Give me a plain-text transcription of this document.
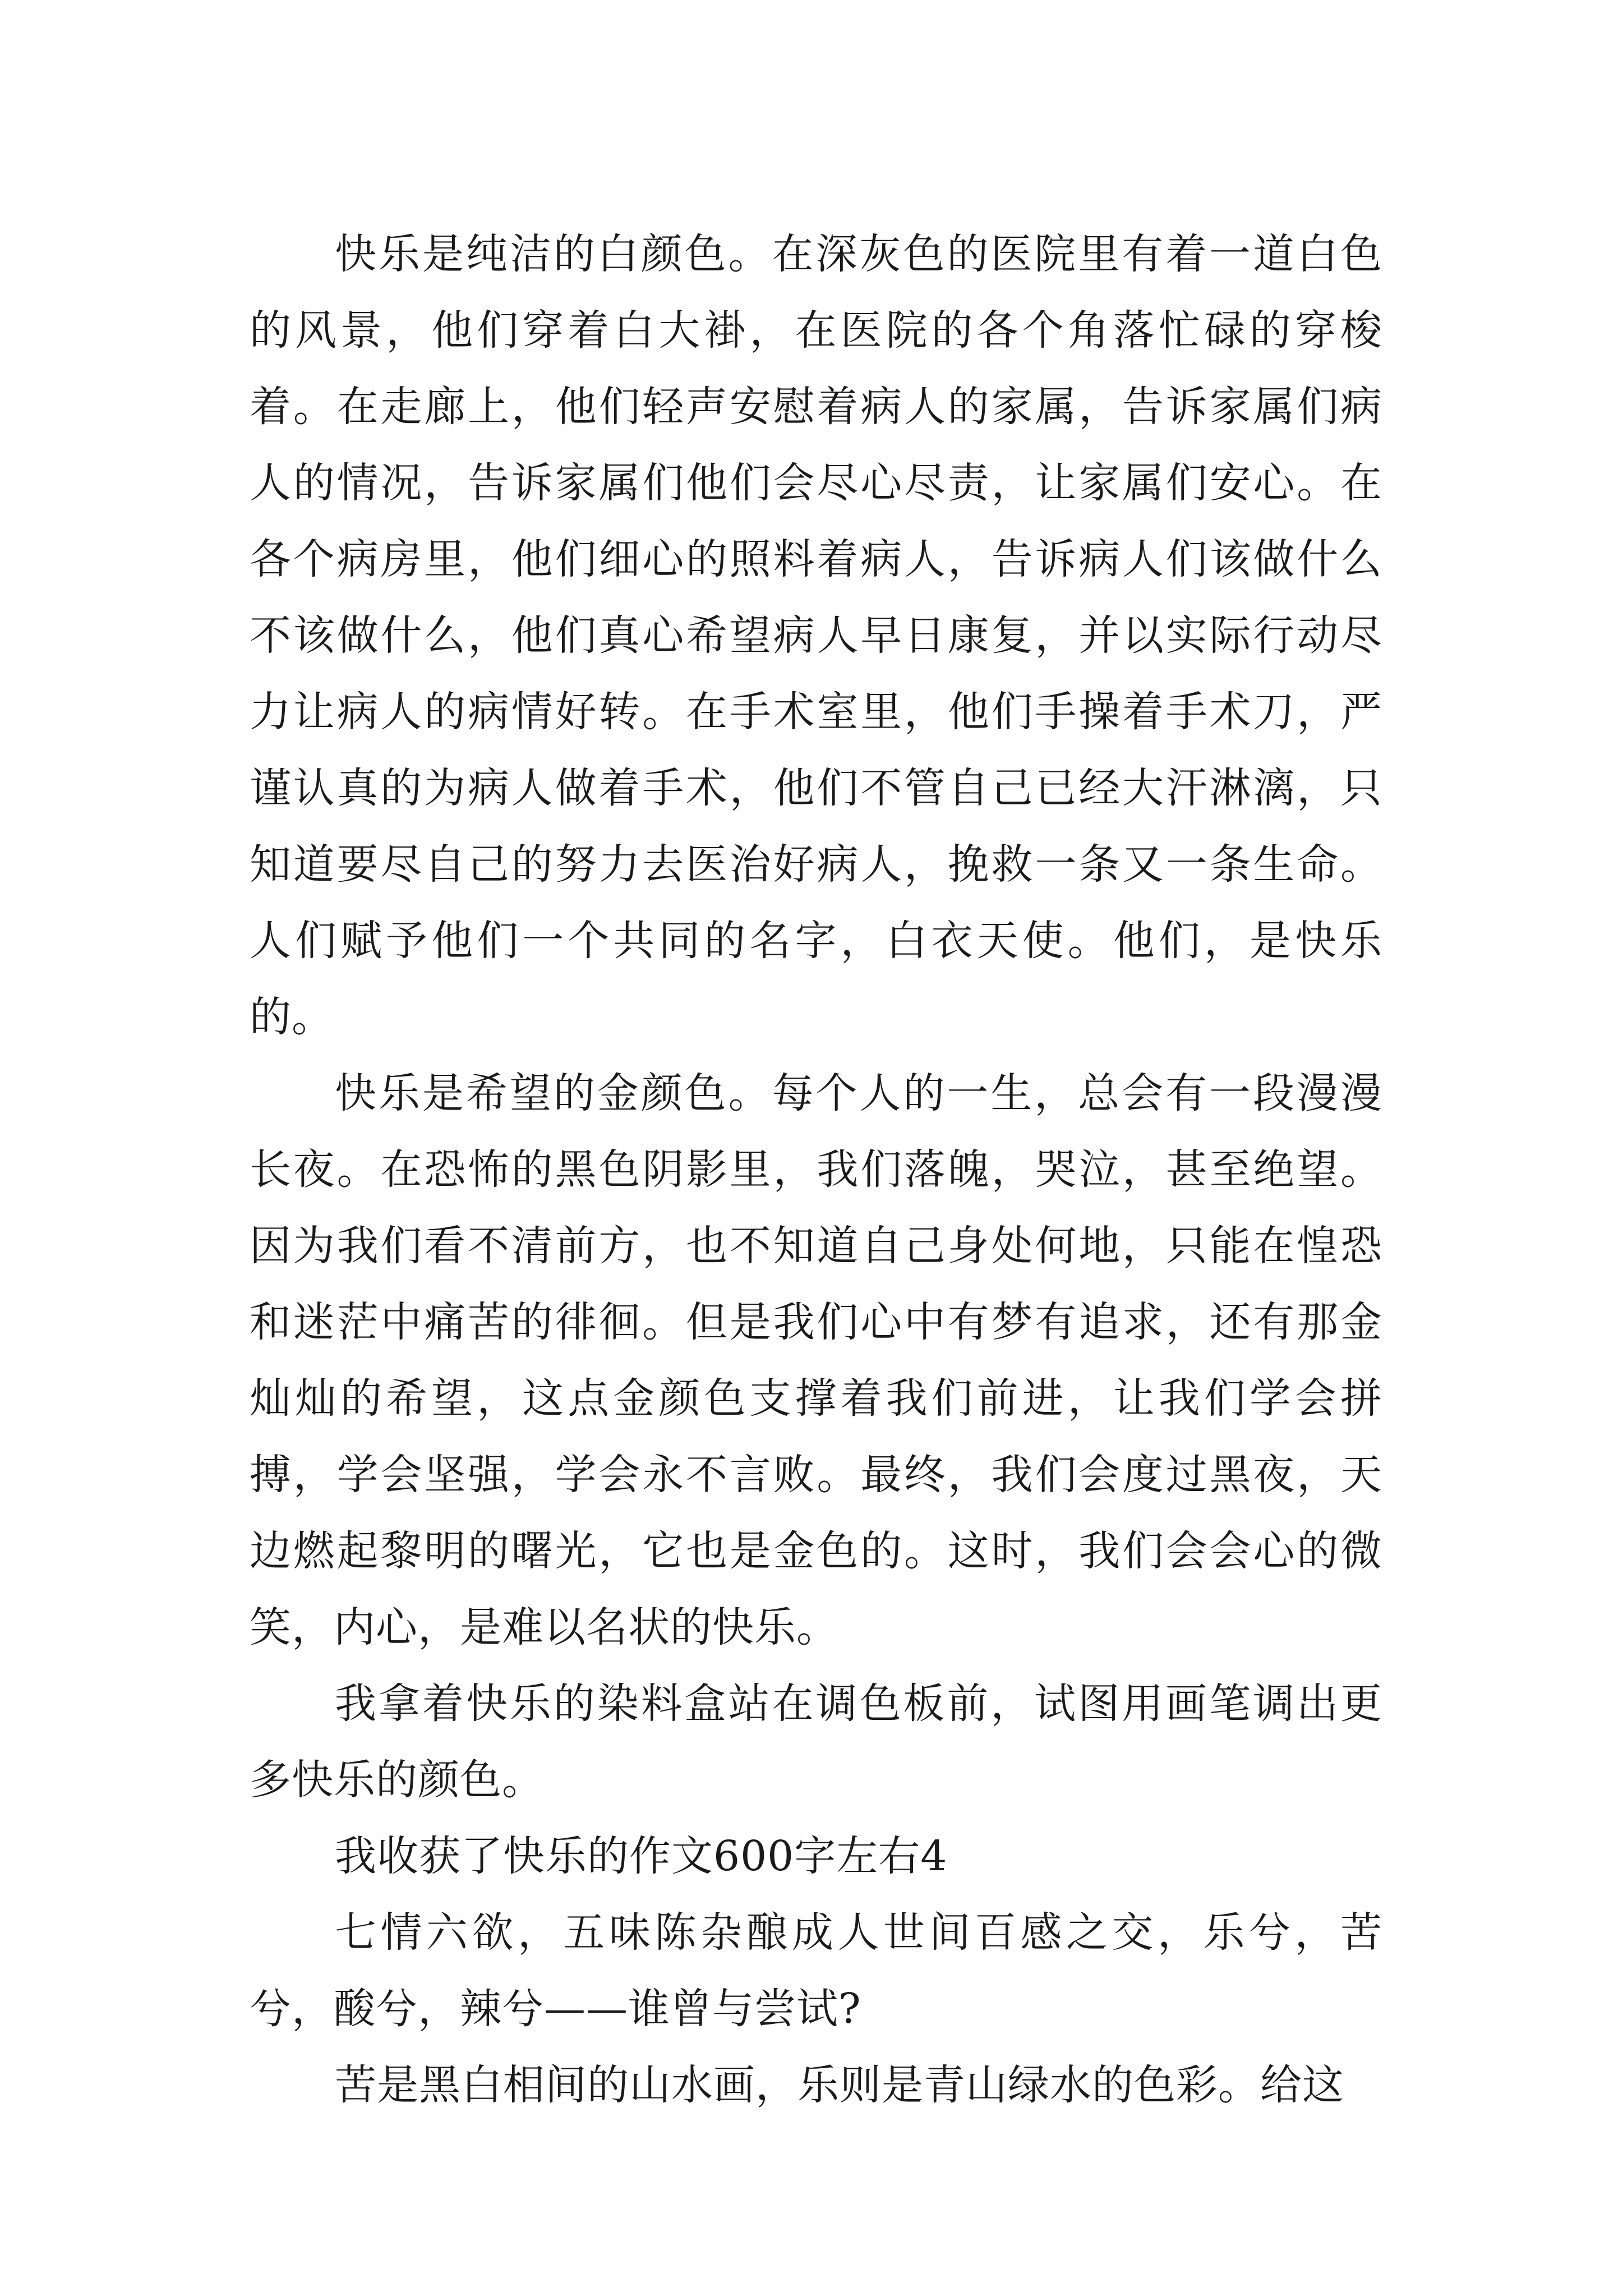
快乐是纯洁的白颜色。在深灰色的医院里有着一道白色的风景，他们穿着白大褂，在医院的各个角落忙碌的穿梭着。在走廊上，他们轻声安慰着病人的家属，告诉家属们病人的情况，告诉家属们他们会尽心尽责，让家属们安心。在各个病房里，他们细心的照料着病人，告诉病人们该做什么不该做什么，他们真心希望病人早日康复，并以实际行动尽力让病人的病情好转。在手术室里，他们手操着手术刀，严谨认真的为病人做着手术，他们不管自己已经大汗淋漓，只知道要尽自己的努力去医治好病人，挽救一条又一条生命。人们赋予他们一个共同的名字，白衣天使。他们，是快乐的。

快乐是希望的金颜色。每个人的一生，总会有一段漫漫长夜。在恐怖的黑色阴影里，我们落魄，哭泣，甚至绝望。因为我们看不清前方，也不知道自己身处何地，只能在惶恐和迷茫中痛苦的徘徊。但是我们心中有梦有追求，还有那金灿灿的希望，这点金颜色支撑着我们前进，让我们学会拼搏，学会坚强，学会永不言败。最终，我们会度过黑夜，天边燃起黎明的曙光，它也是金色的。这时，我们会会心的微笑，内心，是难以名状的快乐。

我拿着快乐的染料盒站在调色板前，试图用画笔调出更多快乐的颜色。

我收获了快乐的作文600字左右4

七情六欲，五味陈杂酿成人世间百感之交，乐兮，苦兮，酸兮，辣兮——谁曾与尝试?

苦是黑白相间的山水画，乐则是青山绿水的色彩。给这
